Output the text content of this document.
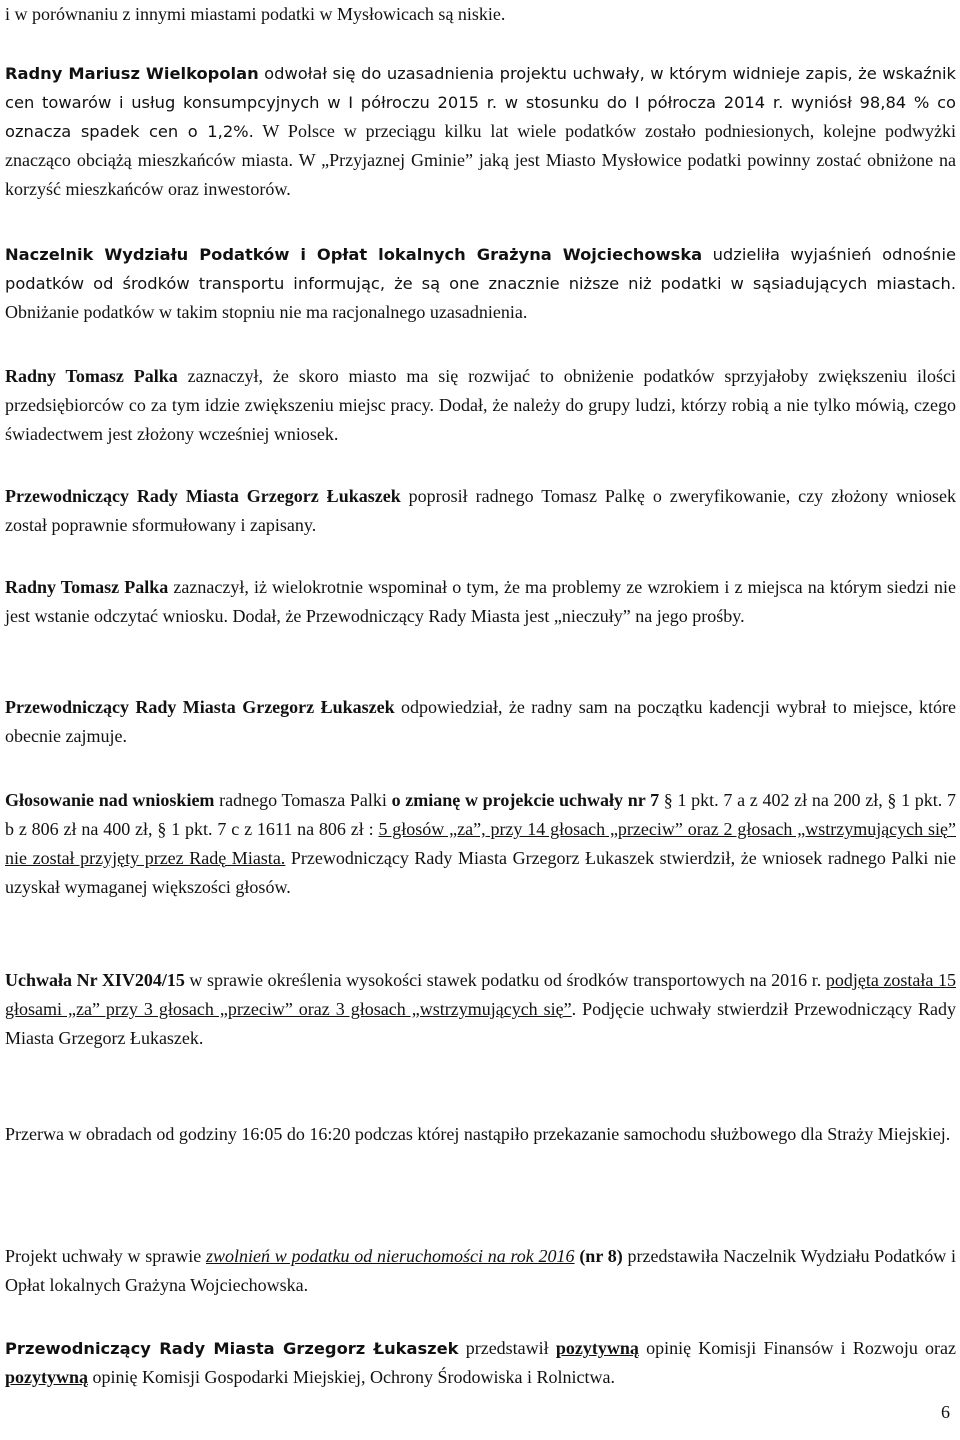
i w porównaniu z innymi miastami podatki w Mysłowicach są niskie.

Radny Mariusz Wielkopolan odwołał się do uzasadnienia projektu uchwały, w którym widnieje zapis, że wskaźnik cen towarów i usług konsumpcyjnych w I półroczu 2015 r. w stosunku do I półrocza 2014 r. wyniósł 98,84 % co oznacza spadek cen o 1,2%. W Polsce w przeciągu kilku lat wiele podatków zostało podniesionych, kolejne podwyżki znacząco obciążą mieszkańców miasta. W „Przyjaznej Gminie” jaką jest Miasto Mysłowice podatki powinny zostać obniżone na korzyść mieszkańców oraz inwestorów.

Naczelnik Wydziału Podatków i Opłat lokalnych Grażyna Wojciechowska udzieliła wyjaśnień odnośnie podatków od środków transportu informując, że są one znacznie niższe niż podatki w sąsiadujących miastach. Obniżanie podatków w takim stopniu nie ma racjonalnego uzasadnienia.

Radny Tomasz Palka zaznaczył, że skoro miasto ma się rozwijać to obniżenie podatków sprzyjałoby zwiększeniu ilości przedsiębiorców co za tym idzie zwiększeniu miejsc pracy. Dodał, że należy do grupy ludzi, którzy robią a nie tylko mówią, czego świadectwem jest złożony wcześniej wniosek.

Przewodniczący Rady Miasta Grzegorz Łukaszek poprosił radnego Tomasz Palkę o zweryfikowanie, czy złożony wniosek został poprawnie sformułowany i zapisany.

Radny Tomasz Palka zaznaczył, iż wielokrotnie wspominał o tym, że ma problemy ze wzrokiem i z miejsca na którym siedzi nie jest wstanie odczytać wniosku. Dodał, że Przewodniczący Rady Miasta jest „nieczuły” na jego prośby.

Przewodniczący Rady Miasta Grzegorz Łukaszek odpowiedział, że radny sam na początku kadencji wybrał to miejsce, które obecnie zajmuje.

Głosowanie nad wnioskiem radnego Tomasza Palki o zmianę w projekcie uchwały nr 7 § 1 pkt. 7 a z 402 zł na 200 zł, § 1 pkt. 7 b z 806 zł na 400 zł, § 1 pkt. 7 c z 1611 na 806 zł : 5 głosów „za”, przy 14 głosach „przeciw” oraz 2 głosach „wstrzymujących się” nie został przyjęty przez Radę Miasta. Przewodniczący Rady Miasta Grzegorz Łukaszek stwierdził, że wniosek radnego Palki nie uzyskał wymaganej większości głosów.

Uchwała Nr XIV204/15 w sprawie określenia wysokości stawek podatku od środków transportowych na 2016 r. podjęta została 15 głosami „za” przy 3 głosach „przeciw” oraz 3 głosach „wstrzymujących się”. Podjęcie uchwały stwierdził Przewodniczący Rady Miasta Grzegorz Łukaszek.

Przerwa w obradach od godziny 16:05 do 16:20 podczas której nastąpiło przekazanie samochodu służbowego dla Straży Miejskiej.

Projekt uchwały w sprawie zwolnień w podatku od nieruchomości na rok 2016 (nr 8) przedstawiła Naczelnik Wydziału Podatków i Opłat lokalnych Grażyna Wojciechowska.

Przewodniczący Rady Miasta Grzegorz Łukaszek przedstawił pozytywną opinię Komisji Finansów i Rozwoju oraz pozytywną opinię Komisji Gospodarki Miejskiej, Ochrony Środowiska i Rolnictwa.

6
